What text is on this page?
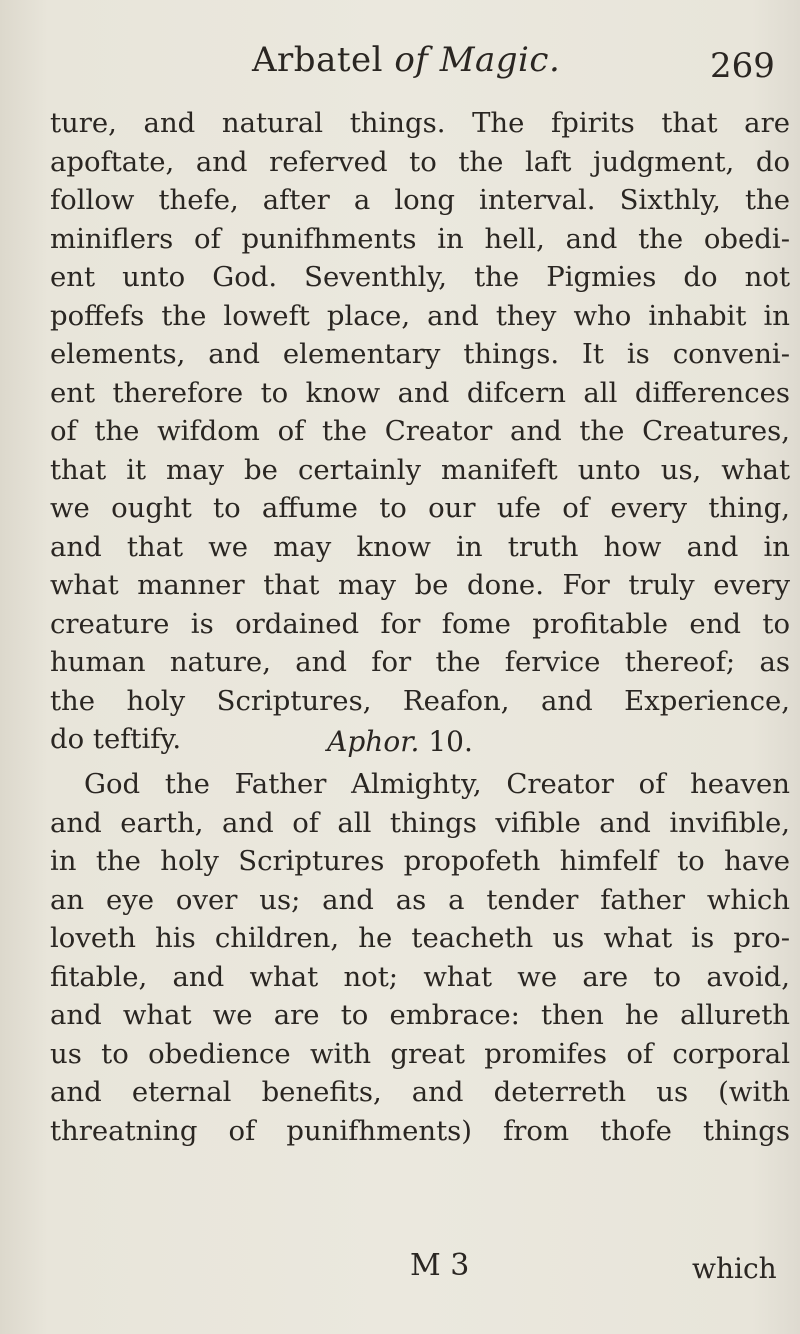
Arbatel of Magic.	269
ture, and natural things. The fpirits that are
apoftate, and referved to the laft judgment, do
follow thefe, after a long interval. Sixthly, the
miniflers of punifhments in hell, and the obedi-
ent unto God. Seventhly, the Pigmies do not
poffefs the loweft place, and they who inhabit in
elements, and elementary things. It is conveni-
ent therefore to know and difcern all differences
of the wifdom of the Creator and the Creatures,
that it may be certainly manifeft unto us, what
we ought to affume to our ufe of every thing,
and that we may know in truth how and in
what manner that may be done. For truly every
creature is ordained for fome profitable end to
human nature, and for the fervice thereof; as
the holy Scriptures, Reafon, and Experience,
do teftify.	Aphor. 10.
God the Father Almighty, Creator of heaven
and earth, and of all things vifible and invifible,
in the holy Scriptures propofeth himfelf to have
an eye over us; and as a tender father which
loveth his children, he teacheth us what is pro-
fitable, and what not; what we are to avoid,
and what we are to embrace: then he allureth
us to obedience with great promifes of corporal
and eternal benefits, and deterreth us (with
threatning of punifhments) from thofe things
M 3	which
